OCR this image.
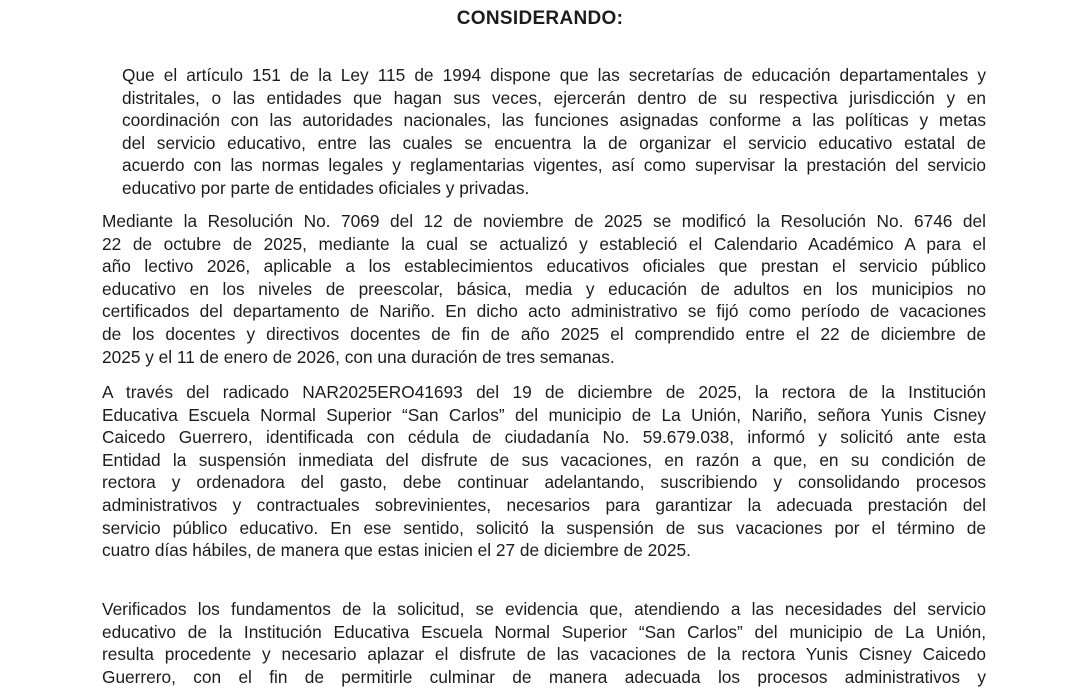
CONSIDERANDO:
Que el artículo 151 de la Ley 115 de 1994 dispone que las secretarías de educación departamentales y
distritales, o las entidades que hagan sus veces, ejercerán dentro de su respectiva jurisdicción y en
coordinación con las autoridades nacionales, las funciones asignadas conforme a las políticas y metas
del servicio educativo, entre las cuales se encuentra la de organizar el servicio educativo estatal de
acuerdo con las normas legales y reglamentarias vigentes, así como supervisar la prestación del servicio
educativo por parte de entidades oficiales y privadas.
Mediante la Resolución No. 7069 del 12 de noviembre de 2025 se modificó la Resolución No. 6746 del
22 de octubre de 2025, mediante la cual se actualizó y estableció el Calendario Académico A para el
año lectivo 2026, aplicable a los establecimientos educativos oficiales que prestan el servicio público
educativo en los niveles de preescolar, básica, media y educación de adultos en los municipios no
certificados del departamento de Nariño. En dicho acto administrativo se fijó como período de vacaciones
de los docentes y directivos docentes de fin de año 2025 el comprendido entre el 22 de diciembre de
2025 y el 11 de enero de 2026, con una duración de tres semanas.
A través del radicado NAR2025ERO41693 del 19 de diciembre de 2025, la rectora de la Institución
Educativa Escuela Normal Superior “San Carlos” del municipio de La Unión, Nariño, señora Yunis Cisney
Caicedo Guerrero, identificada con cédula de ciudadanía No. 59.679.038, informó y solicitó ante esta
Entidad la suspensión inmediata del disfrute de sus vacaciones, en razón a que, en su condición de
rectora y ordenadora del gasto, debe continuar adelantando, suscribiendo y consolidando procesos
administrativos y contractuales sobrevinientes, necesarios para garantizar la adecuada prestación del
servicio público educativo. En ese sentido, solicitó la suspensión de sus vacaciones por el término de
cuatro días hábiles, de manera que estas inicien el 27 de diciembre de 2025.
Verificados los fundamentos de la solicitud, se evidencia que, atendiendo a las necesidades del servicio
educativo de la Institución Educativa Escuela Normal Superior “San Carlos” del municipio de La Unión,
resulta procedente y necesario aplazar el disfrute de las vacaciones de la rectora Yunis Cisney Caicedo
Guerrero, con el fin de permitirle culminar de manera adecuada los procesos administrativos y
